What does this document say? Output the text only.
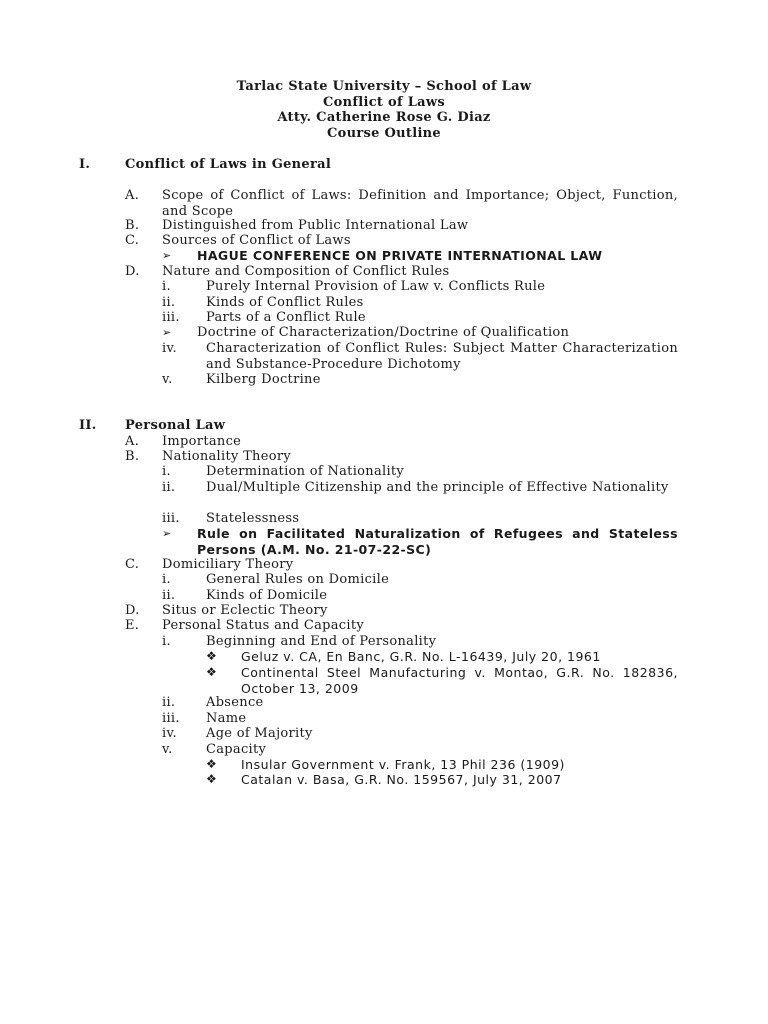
Tarlac State University – School of Law
Conflict of Laws
Atty. Catherine Rose G. Diaz
Course Outline
I.	Conflict of Laws in General
A. Scope of Conflict of Laws: Definition and Importance; Object, Function, and Scope
B. Distinguished from Public International Law
C. Sources of Conflict of Laws
➢ HAGUE CONFERENCE ON PRIVATE INTERNATIONAL LAW
D. Nature and Composition of Conflict Rules
i.	Purely Internal Provision of Law v. Conflicts Rule
ii. Kinds of Conflict Rules
iii. Parts of a Conflict Rule
➢ Doctrine of Characterization/Doctrine of Qualification
iv. Characterization of Conflict Rules: Subject Matter Characterization and Substance-Procedure Dichotomy
v.	Kilberg Doctrine
II. Personal Law
A. Importance
B. Nationality Theory
i.	Determination of Nationality
ii. Dual/Multiple Citizenship and the principle of Effective Nationality
iii. Statelessness
➢ Rule on Facilitated Naturalization of Refugees and Stateless Persons (A.M. No. 21-07-22-SC)
C. Domiciliary Theory
i.	General Rules on Domicile
ii. Kinds of Domicile
D. Situs or Eclectic Theory
E. Personal Status and Capacity
i.	Beginning and End of Personality
❖ Geluz v. CA, En Banc, G.R. No. L-16439, July 20, 1961
❖ Continental Steel Manufacturing v. Montao, G.R. No. 182836, October 13, 2009
ii. Absence
iii. Name
iv. Age of Majority
v.	Capacity
❖ Insular Government v. Frank, 13 Phil 236 (1909)
❖ Catalan v. Basa, G.R. No. 159567, July 31, 2007
